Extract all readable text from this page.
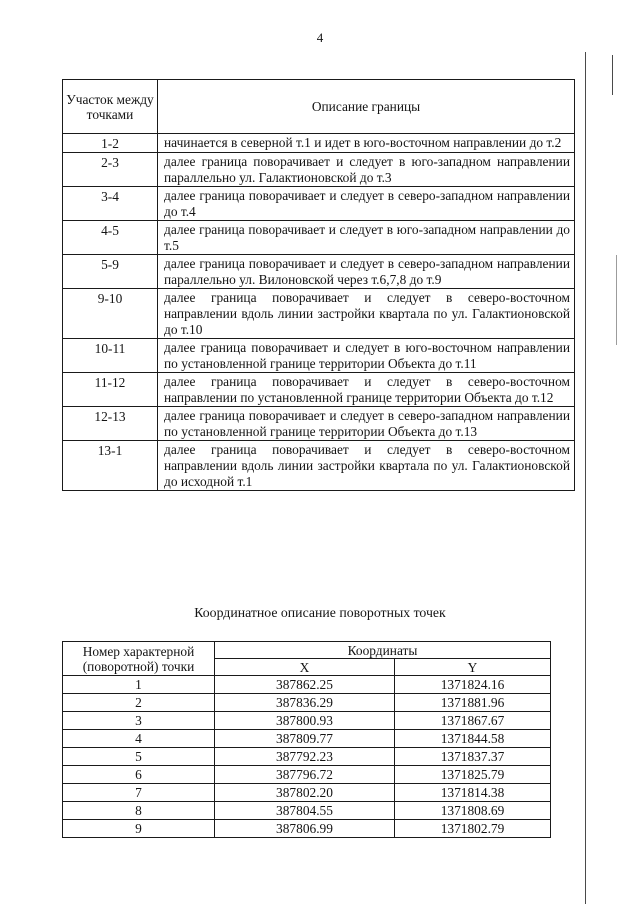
4
Участок между точками	Описание границы
1-2	начинается в северной т.1 и идет в юго-восточном направлении до т.2
2-3	далее граница поворачивает и следует в юго-западном направлении параллельно ул. Галактионовской до т.3
3-4	далее граница поворачивает и следует в северо-западном направлении до т.4
4-5	далее граница поворачивает и следует в юго-западном направлении до т.5
5-9	далее граница поворачивает и следует в северо-западном направлении параллельно ул. Вилоновской через т.6,7,8 до т.9
9-10	далее граница поворачивает и следует в северо-восточном направлении вдоль линии застройки квартала по ул. Галактионовской до т.10
10-11	далее граница поворачивает и следует в юго-восточном направлении по установленной границе территории Объекта до т.11
11-12	далее граница поворачивает и следует в северо-восточном направлении по установленной границе территории Объекта до т.12
12-13	далее граница поворачивает и следует в северо-западном направлении по установленной границе территории Объекта до т.13
13-1	далее граница поворачивает и следует в северо-восточном направлении вдоль линии застройки квартала по ул. Галактионовской до исходной т.1
Координатное описание поворотных точек
Номер характерной (поворотной) точки	Координаты	
	X	Y
1	387862.25	1371824.16
2	387836.29	1371881.96
3	387800.93	1371867.67
4	387809.77	1371844.58
5	387792.23	1371837.37
6	387796.72	1371825.79
7	387802.20	1371814.38
8	387804.55	1371808.69
9	387806.99	1371802.79
